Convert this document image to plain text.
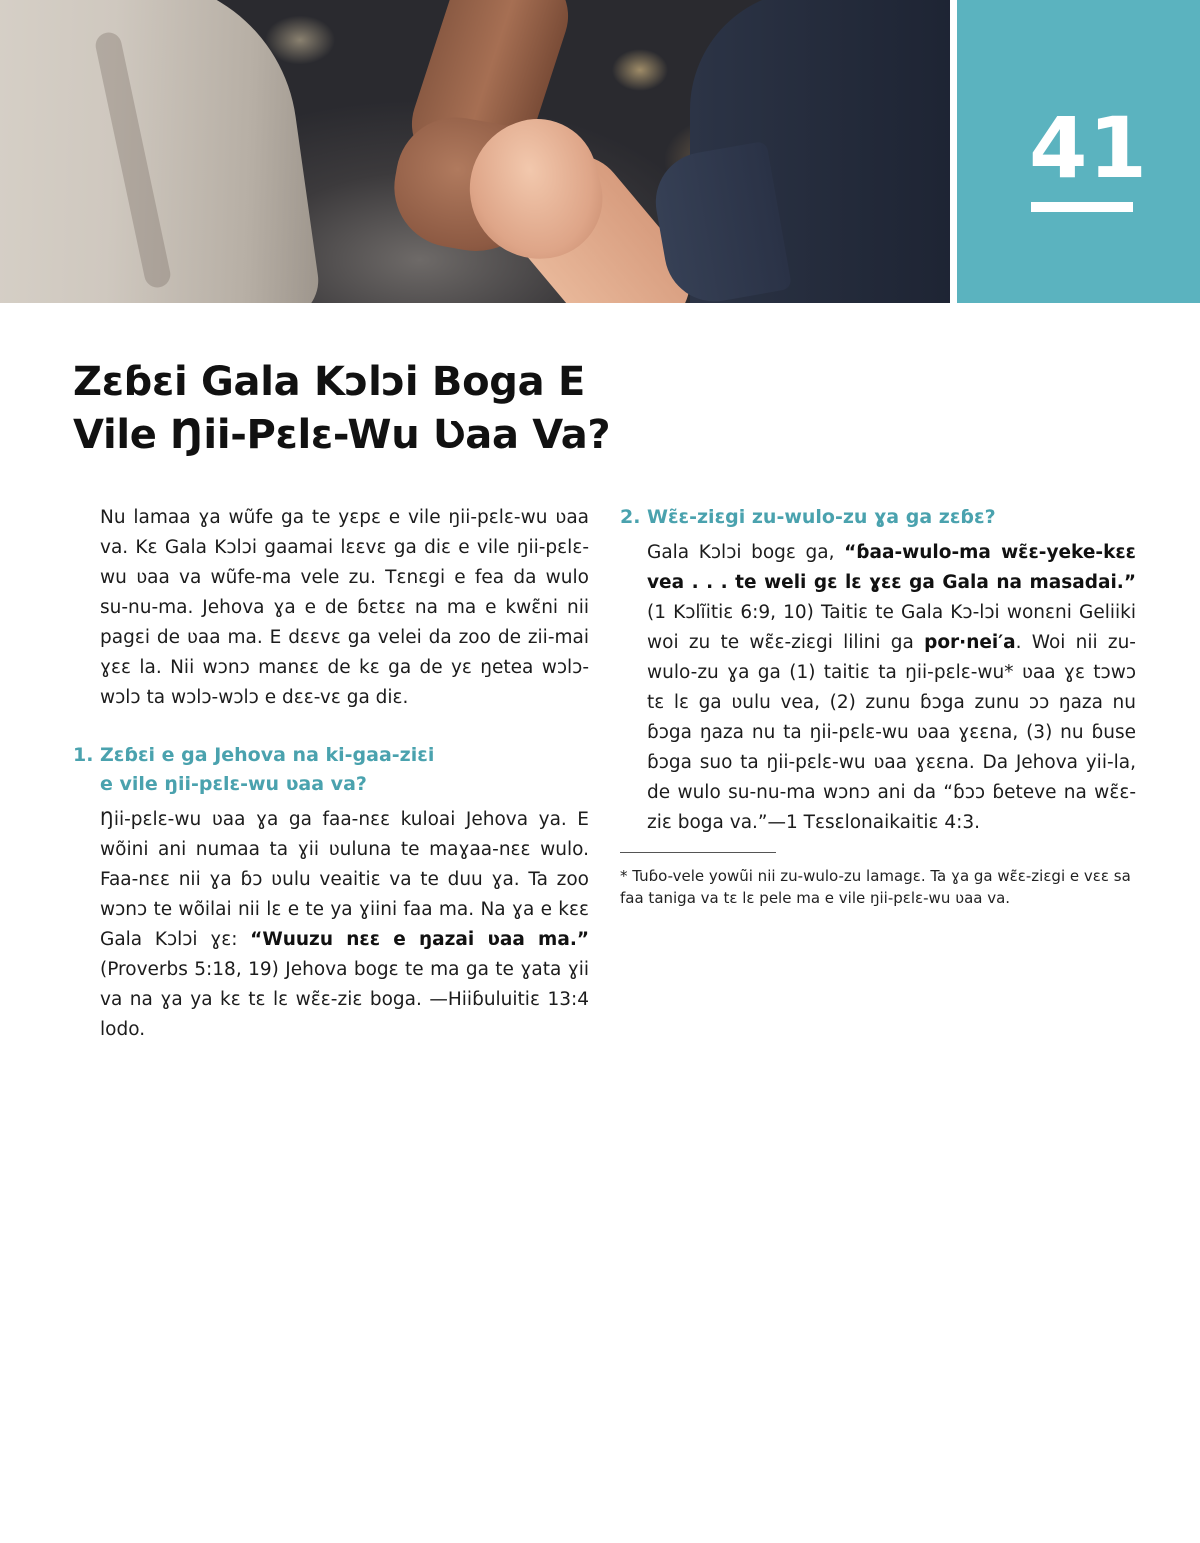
41
Zɛɓɛi Gala Kɔlɔi Boga E
Vile Ŋii-Pɛlɛ-Wu Ʋaa Va?

Nu lamaa ɣa wũfe ga te yɛpɛ e vile ŋii-pɛlɛ-wu ʋaa va. Kɛ Gala Kɔlɔi gaamai lɛɛvɛ ga diɛ e vile ŋii-pɛlɛ-wu ʋaa va wũfe-ma vele zu. Tɛnɛgi e fea da wulo su-nu-ma. Jehova ɣa e de ɓɛtɛɛ na ma e kwɛ̃ni nii pagɛi de ʋaa ma. E dɛɛvɛ ga velei da zoo de zii-mai ɣɛɛ la. Nii wɔnɔ manɛɛ de kɛ ga de yɛ ŋetea wɔlɔ-wɔlɔ ta wɔlɔ-wɔlɔ e dɛɛ-vɛ ga diɛ.

1. Zɛɓɛi e ga Jehova na ki-gaa-ziɛi
e vile ŋii-pɛlɛ-wu ʋaa va?

Ŋii-pɛlɛ-wu ʋaa ɣa ga faa-nɛɛ kuloai Jehova ya. E wõini ani numaa ta ɣii ʋuluna te maɣaa-nɛɛ wulo. Faa-nɛɛ nii ɣa ɓɔ ʋulu veaitiɛ va te duu ɣa. Ta zoo wɔnɔ te wõilai nii lɛ e te ya ɣiini faa ma. Na ɣa e kɛɛ Gala Kɔlɔi ɣɛ: “Wuuzu nɛɛ e ŋazai ʋaa ma.” (Proverbs 5:18, 19) Jehova bogɛ te ma ga te ɣata ɣii va na ɣa ya kɛ tɛ lɛ wɛ̃ɛ-ziɛ boga. —Hiiɓuluitiɛ 13:4 lodo.

2. Wɛ̃ɛ-ziɛgi zu-wulo-zu ɣa ga zɛɓɛ?

Gala Kɔlɔi bogɛ ga, “ɓaa-wulo-ma wɛ̃ɛ-yeke-kɛɛ vea . . . te weli gɛ lɛ ɣɛɛ ga Gala na masadai.” (1 Kɔlĩitiɛ 6:9, 10) Taitiɛ te Gala Kɔ-lɔi wonɛni Geliiki woi zu te wɛ̃ɛ-ziɛgi lilini ga por·nei′a. Woi nii zu-wulo-zu ɣa ga (1) taitiɛ ta ŋii-pɛlɛ-wu* ʋaa ɣɛ tɔwɔ tɛ lɛ ga ʋulu vea, (2) zunu ɓɔga zunu ɔɔ ŋaza nu ɓɔga ŋaza nu ta ŋii-pɛlɛ-wu ʋaa ɣɛɛna, (3) nu ɓuse ɓɔga suo ta ŋii-pɛlɛ-wu ʋaa ɣɛɛna. Da Jehova yii-la, de wulo su-nu-ma wɔnɔ ani da “ɓɔɔ ɓeteve na wɛ̃ɛ-ziɛ boga va.”—1 Tɛsɛlonaikaitiɛ 4:3.

* Tuɓo-vele yowũi nii zu-wulo-zu lamagɛ. Ta ɣa ga wɛ̃ɛ-ziɛgi e vɛɛ sa faa taniga va tɛ lɛ pele ma e vile ŋii-pɛlɛ-wu ʋaa va.
